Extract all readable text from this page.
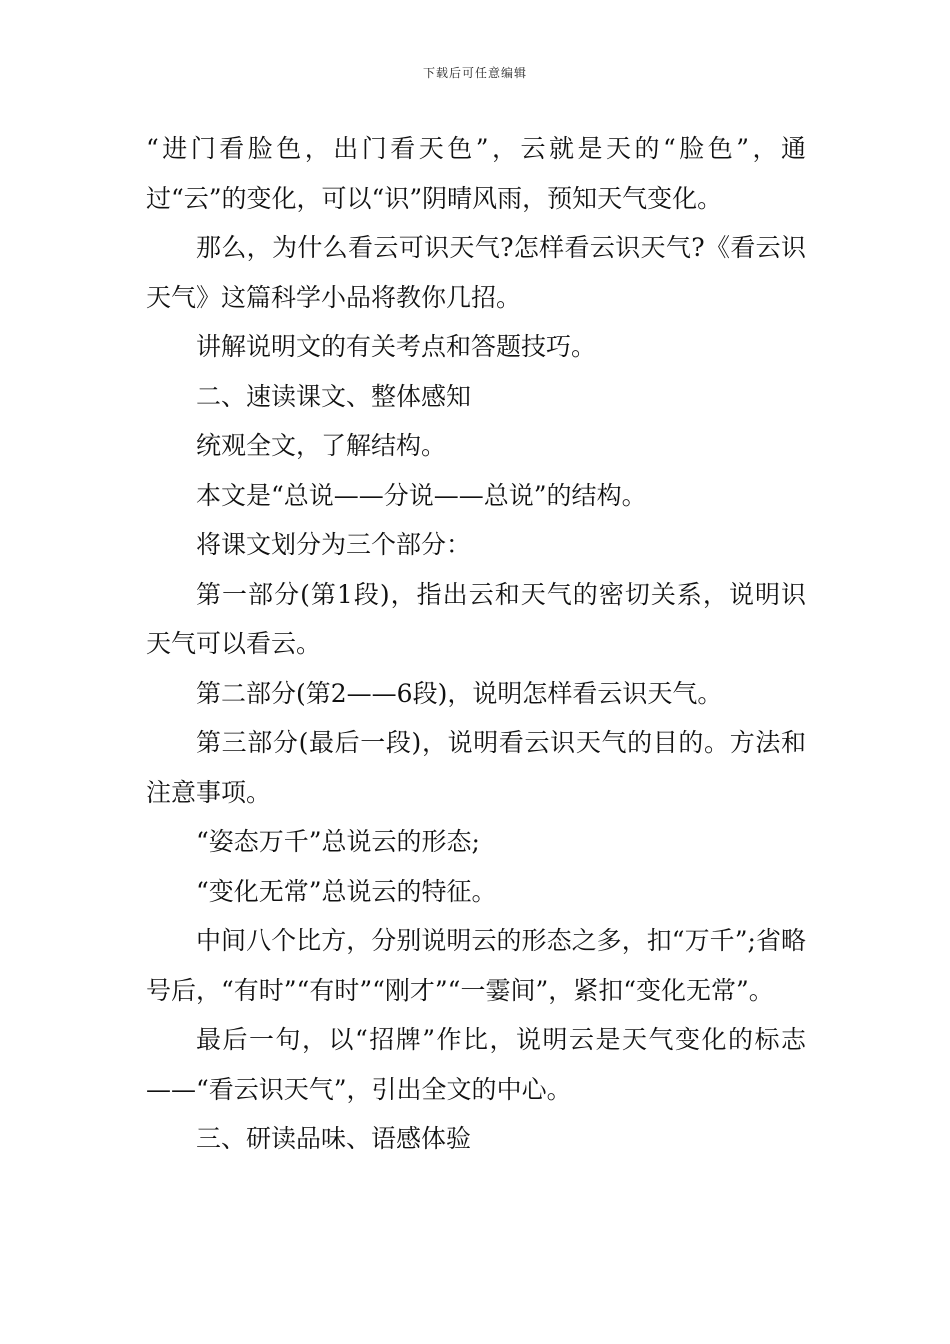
下载后可任意编辑

“进门看脸色，出门看天色”，云就是天的“脸色”，通过“云”的变化，可以“识”阴晴风雨，预知天气变化。

那么，为什么看云可识天气?怎样看云识天气?《看云识天气》这篇科学小品将教你几招。

讲解说明文的有关考点和答题技巧。

二、速读课文、整体感知

统观全文，了解结构。

本文是“总说——分说——总说”的结构。

将课文划分为三个部分：

第一部分(第1段)，指出云和天气的密切关系，说明识天气可以看云。

第二部分(第2——6段)，说明怎样看云识天气。

第三部分(最后一段)，说明看云识天气的目的。方法和注意事项。

“姿态万千”总说云的形态;

“变化无常”总说云的特征。

中间八个比方，分别说明云的形态之多，扣“万千”;省略号后，“有时”“有时”“刚才”“一霎间”，紧扣“变化无常”。

最后一句，以“招牌”作比，说明云是天气变化的标志——“看云识天气”，引出全文的中心。

三、研读品味、语感体验
